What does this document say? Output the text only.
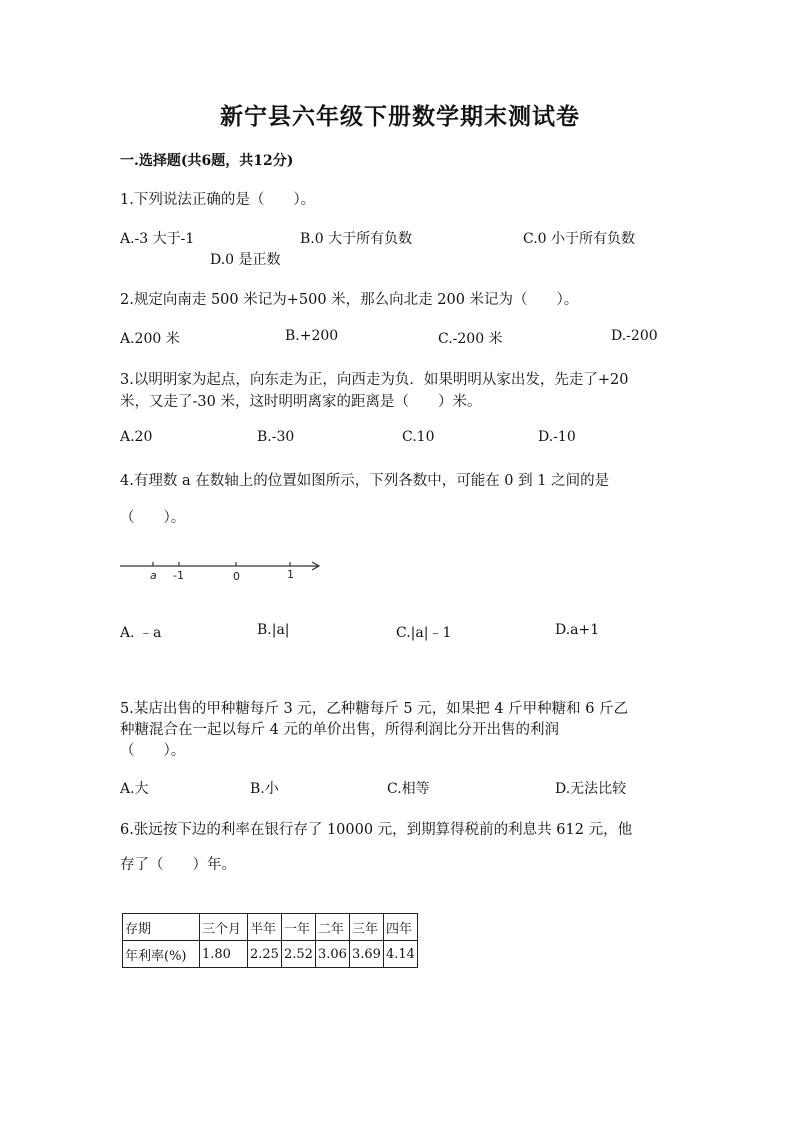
新宁县六年级下册数学期末测试卷
一.选择题(共6题，共12分)
1.下列说法正确的是（　　）。
A.-3 大于-1	B.0 大于所有负数	C.0 小于所有负数
D.0 是正数
2.规定向南走 500 米记为+500 米，那么向北走 200 米记为（　　）。
A.200 米	B.+200	C.-200 米	D.-200
3.以明明家为起点，向东走为正，向西走为负．如果明明从家出发，先走了+20
米，又走了-30 米，这时明明离家的距离是（　　）米。
A.20	B.-30	C.10	D.-10
4.有理数 a 在数轴上的位置如图所示，下列各数中，可能在 0 到 1 之间的是
（　　）。
a -1	0	1
A. ﹣a	B.|a|	C.|a|﹣1	D.a+1
5.某店出售的甲种糖每斤 3 元，乙种糖每斤 5 元，如果把 4 斤甲种糖和 6 斤乙
种糖混合在一起以每斤 4 元的单价出售，所得利润比分开出售的利润
（　　）。
A.大	B.小	C.相等	D.无法比较
6.张远按下边的利率在银行存了 10000 元，到期算得税前的利息共 612 元，他
存了（　　）年。
存期	三个月	半年	一年	二年	三年	四年
年利率(%)	1.80	2.25	2.52	3.06	3.69	4.14
